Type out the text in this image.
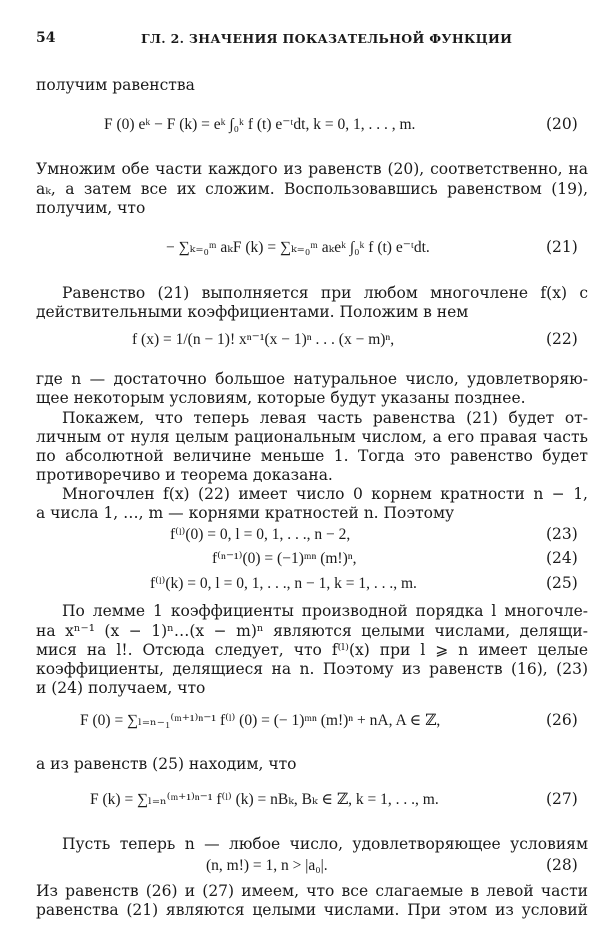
54	ГЛ. 2. ЗНАЧЕНИЯ ПОКАЗАТЕЛЬНОЙ ФУНКЦИИ
получим равенства
F (0) eᵏ − F (k) = eᵏ ∫₀ᵏ f (t) e⁻ᵗdt, k = 0, 1, . . . , m.	(20)
Умножим обе части каждого из равенств (20), соответственно, на
aₖ, а затем все их сложим. Воспользовавшись равенством (19),
получим, что
− ∑ₖ₌₀ᵐ aₖF (k) = ∑ₖ₌₀ᵐ aₖeᵏ ∫₀ᵏ f (t) e⁻ᵗdt.	(21)
Равенство (21) выполняется при любом многочлене f(x) с
действительными коэффициентами. Положим в нем
f (x) = 1/(n − 1)! xⁿ⁻¹(x − 1)ⁿ . . . (x − m)ⁿ,	(22)
где n — достаточно большое натуральное число, удовлетворяю-
щее некоторым условиям, которые будут указаны позднее.
Покажем, что теперь левая часть равенства (21) будет от-
личным от нуля целым рациональным числом, а его правая часть
по абсолютной величине меньше 1. Тогда это равенство будет
противоречиво и теорема доказана.
Многочлен f(x) (22) имеет число 0 корнем кратности n − 1,
а числа 1, …, m — корнями кратностей n. Поэтому
f⁽ˡ⁾(0) = 0, l = 0, 1, . . ., n − 2,	(23)
f⁽ⁿ⁻¹⁾(0) = (−1)ᵐⁿ (m!)ⁿ,	(24)
f⁽ˡ⁾(k) = 0, l = 0, 1, . . ., n − 1, k = 1, . . ., m.	(25)
По лемме 1 коэффициенты производной порядка l многочле-
на xⁿ⁻¹ (x − 1)ⁿ…(x − m)ⁿ являются целыми числами, делящи-
мися на l!. Отсюда следует, что f⁽ˡ⁾(x) при l ⩾ n имеет целые
коэффициенты, делящиеся на n. Поэтому из равенств (16), (23)
и (24) получаем, что
F (0) = ∑ₗ₌ₙ₋₁⁽ᵐ⁺¹⁾ⁿ⁻¹ f⁽ˡ⁾ (0) = (− 1)ᵐⁿ (m!)ⁿ + nA, A ∈ ℤ,	(26)
а из равенств (25) находим, что
F (k) = ∑ₗ₌ₙ⁽ᵐ⁺¹⁾ⁿ⁻¹ f⁽ˡ⁾ (k) = nBₖ, Bₖ ∈ ℤ, k = 1, . . ., m.	(27)
Пусть теперь n — любое число, удовлетворяющее условиям
(n, m!) = 1, n > |a₀|.	(28)
Из равенств (26) и (27) имеем, что все слагаемые в левой части
равенства (21) являются целыми числами. При этом из условий
